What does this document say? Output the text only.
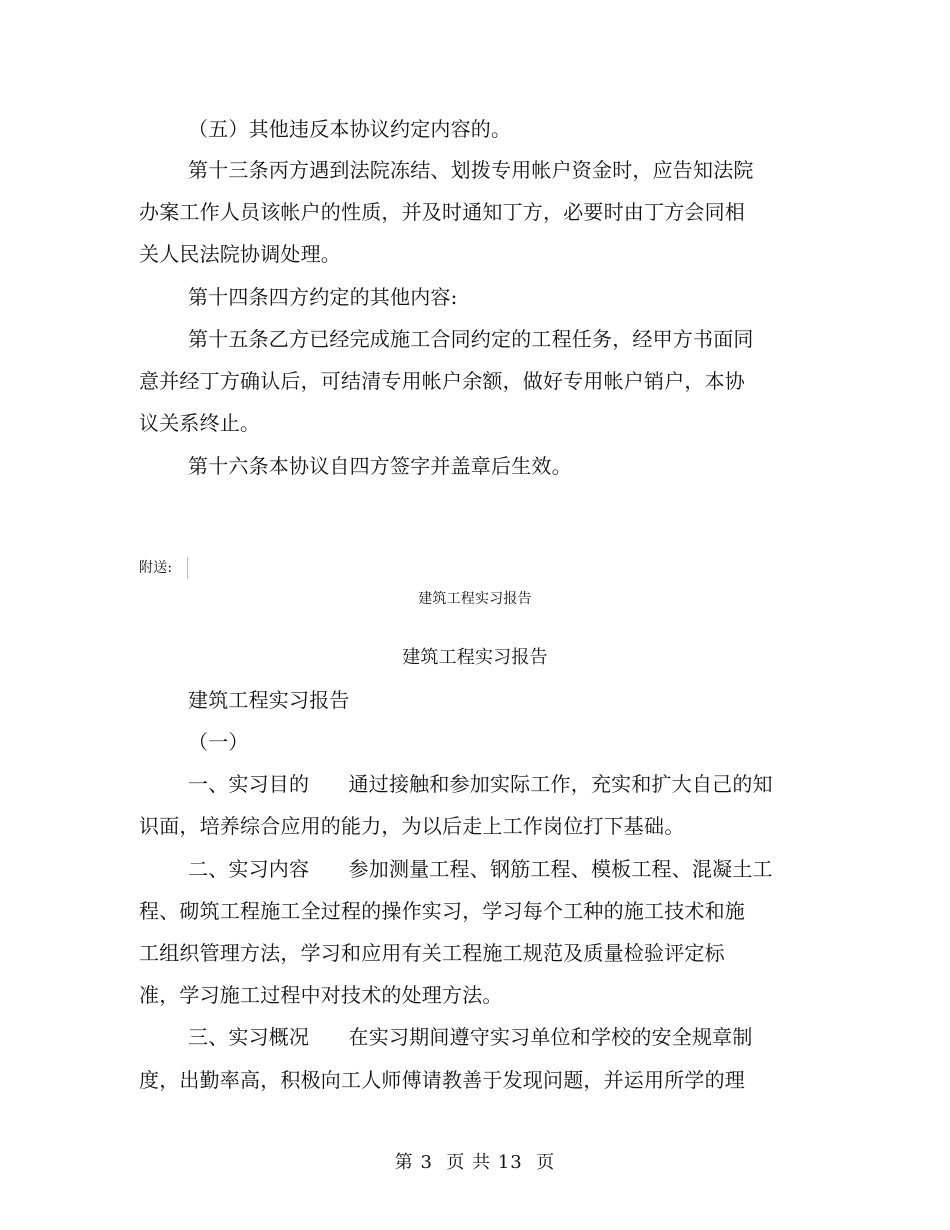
（五）其他违反本协议约定内容的。
第十三条丙方遇到法院冻结、划拨专用帐户资金时，应告知法院
办案工作人员该帐户的性质，并及时通知丁方，必要时由丁方会同相
关人民法院协调处理。
第十四条四方约定的其他内容:
第十五条乙方已经完成施工合同约定的工程任务，经甲方书面同
意并经丁方确认后，可结清专用帐户余额，做好专用帐户销户，本协
议关系终止。
第十六条本协议自四方签字并盖章后生效。
附送:
建筑工程实习报告
建筑工程实习报告
建筑工程实习报告
（一）
一、实习目的      通过接触和参加实际工作，充实和扩大自己的知
识面，培养综合应用的能力，为以后走上工作岗位打下基础。
二、实习内容      参加测量工程、钢筋工程、模板工程、混凝土工
程、砌筑工程施工全过程的操作实习，学习每个工种的施工技术和施
工组织管理方法，学习和应用有关工程施工规范及质量检验评定标
准，学习施工过程中对技术的处理方法。
三、实习概况      在实习期间遵守实习单位和学校的安全规章制
度，出勤率高，积极向工人师傅请教善于发现问题，并运用所学的理
第 3  页 共 13  页
